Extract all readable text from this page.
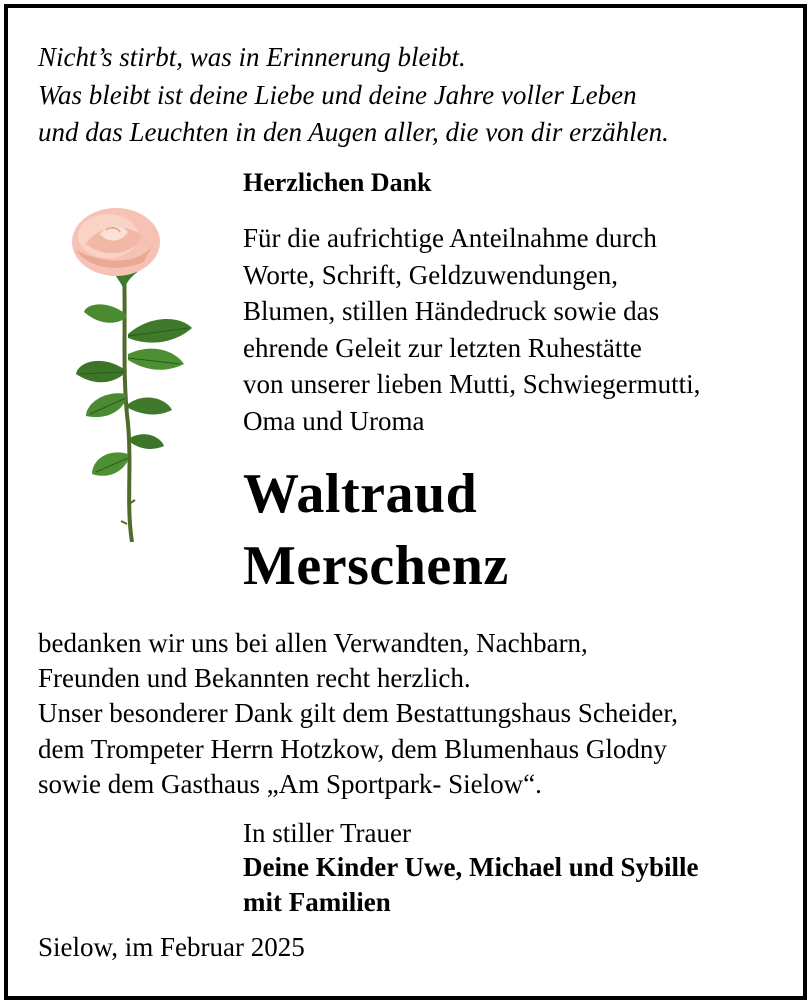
Nicht’s stirbt, was in Erinnerung bleibt.
Was bleibt ist deine Liebe und deine Jahre voller Leben
und das Leuchten in den Augen aller, die von dir erzählen.
Herzlichen Dank
Für die aufrichtige Anteilnahme durch
Worte, Schrift, Geldzuwendungen,
Blumen, stillen Händedruck sowie das
ehrende Geleit zur letzten Ruhestätte
von unserer lieben Mutti, Schwiegermutti,
Oma und Uroma
Waltraud
Merschenz
bedanken wir uns bei allen Verwandten, Nachbarn,
Freunden und Bekannten recht herzlich.
Unser besonderer Dank gilt dem Bestattungshaus Scheider,
dem Trompeter Herrn Hotzkow, dem Blumenhaus Glodny
sowie dem Gasthaus „Am Sportpark- Sielow“.
In stiller Trauer
Deine Kinder Uwe, Michael und Sybille
mit Familien
Sielow, im Februar 2025
